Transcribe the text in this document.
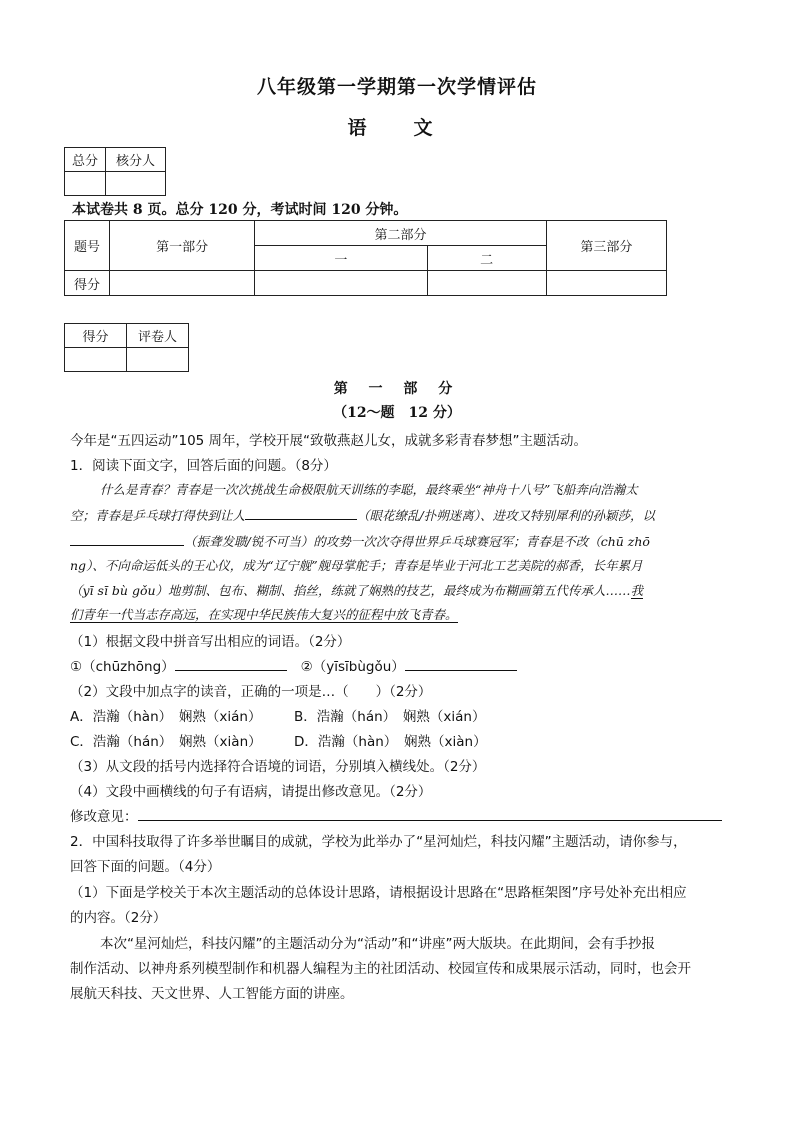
八年级第一学期第一次学情评估
语　文
总分	核分人

本试卷共 8 页。总分 120 分，考试时间 120 分钟。
题号	第一部分	第二部分		第三部分
		一	二	
得分				
得分	评卷人

第 一 部 分
（12～题　12 分）
今年是“五四运动”105 周年，学校开展“致敬燕赵儿女，成就多彩青春梦想”主题活动。
1．阅读下面文字，回答后面的问题。（8分）
什么是青春？青春是一次次挑战生命极限航天训练的李聪，最终乘坐“神舟十八号”飞船奔向浩瀚太
空；青春是乒乓球打得快到让人	（眼花缭乱/扑朔迷离）、进攻又特别犀利的孙颖莎，以
（振聋发聩/锐不可当）的攻势一次次夺得世界乒乓球赛冠军；青春是不改（chū zhō
ng）、不向命运低头的王心仪，成为“辽宁舰”舰母掌舵手；青春是毕业于河北工艺美院的郝香，长年累月
（yī sī bù gǒu）地剪制、包布、糊制、掐丝，练就了娴熟的技艺，最终成为布糊画第五代传承人……我
们青年一代当志存高远，在实现中华民族伟大复兴的征程中放飞青春。
（1）根据文段中拼音写出相应的词语。（2分）
①（chūzhōng）	②（yīsībùgǒu）
（2）文段中加点字的读音，正确的一项是…（　　）（2分）
A．浩瀚（hàn）　娴熟（xián） B．浩瀚（hán）　娴熟（xián）
C．浩瀚（hán）　娴熟（xiàn） D．浩瀚（hàn）　娴熟（xiàn）
（3）从文段的括号内选择符合语境的词语，分别填入横线处。（2分）
（4）文段中画横线的句子有语病，请提出修改意见。（2分）
修改意见：
2．中国科技取得了许多举世瞩目的成就，学校为此举办了“星河灿烂，科技闪耀”主题活动，请你参与，
回答下面的问题。（4分）
（1）下面是学校关于本次主题活动的总体设计思路，请根据设计思路在“思路框架图”序号处补充出相应
的内容。（2分）
本次“星河灿烂，科技闪耀”的主题活动分为“活动”和“讲座”两大版块。在此期间，会有手抄报
制作活动、以神舟系列模型制作和机器人编程为主的社团活动、校园宣传和成果展示活动，同时，也会开
展航天科技、天文世界、人工智能方面的讲座。
